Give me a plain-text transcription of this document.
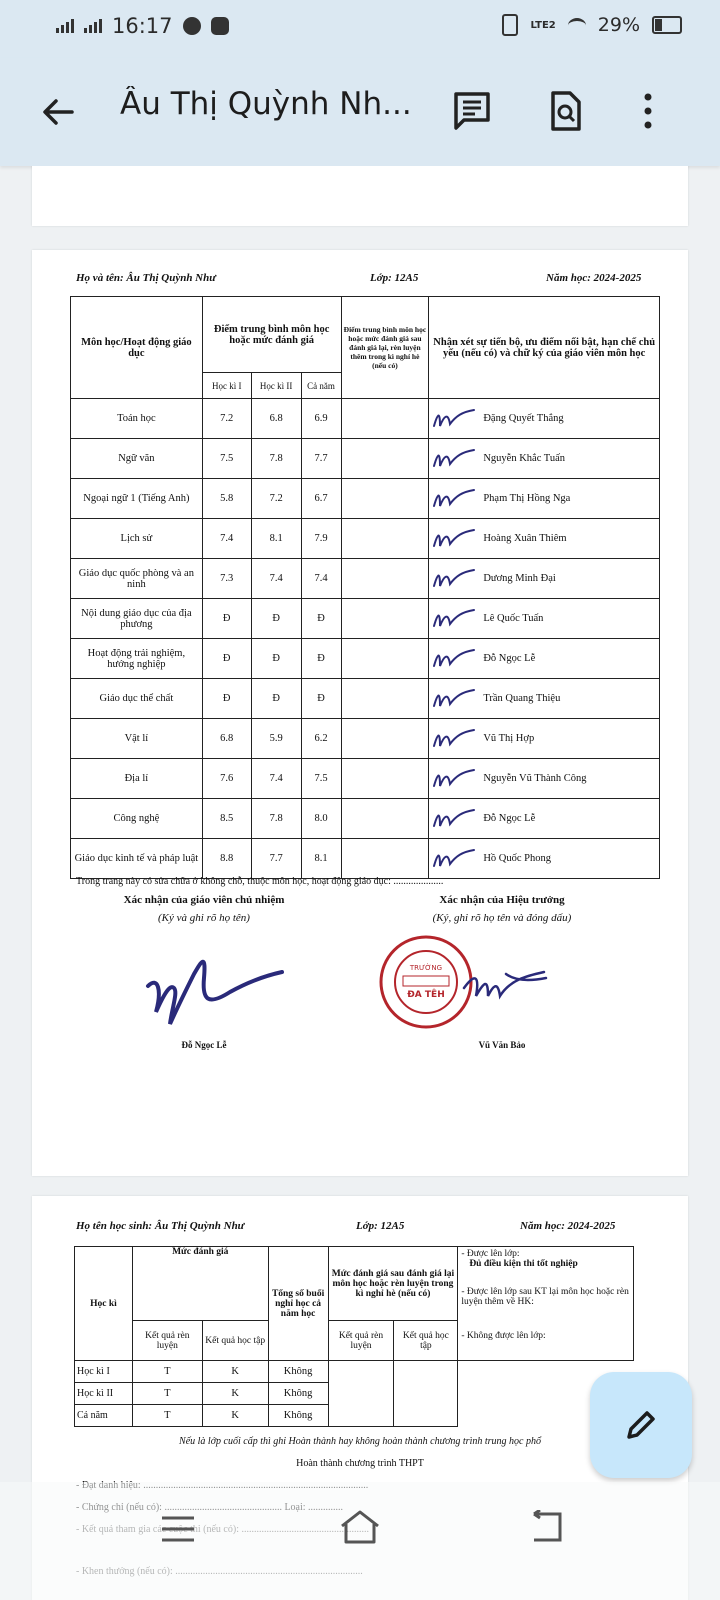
16:17	LTE2 29%
Âu Thị Quỳnh Nh...
Họ và tên: Âu Thị Quỳnh Như	Lớp: 12A5	Năm học: 2024-2025
Môn học/Hoạt động giáo dục	Điểm trung bình môn học hoặc mức đánh giá			Điểm trung bình môn học hoặc mức đánh giá sau đánh giá lại, rèn luyện thêm trong kì nghỉ hè (nếu có)	Nhận xét sự tiến bộ, ưu điểm nổi bật, hạn chế chủ yếu (nếu có) và chữ ký của giáo viên môn học
	Học kì I	Học kì II	Cả năm		
Toán học	7.2	6.8	6.9		Đặng Quyết Thắng

Ngữ văn	7.5	7.8	7.7		Nguyễn Khắc Tuấn

Ngoại ngữ 1 (Tiếng Anh)	5.8	7.2	6.7		Phạm Thị Hồng Nga

Lịch sử	7.4	8.1	7.9		Hoàng Xuân Thiêm

Giáo dục quốc phòng và an ninh	7.3	7.4	7.4		Dương Minh Đại

Nội dung giáo dục của địa phương	Đ	Đ	Đ		Lê Quốc Tuấn

Hoạt động trải nghiệm, hướng nghiệp	Đ	Đ	Đ		Đỗ Ngọc Lễ

Giáo dục thể chất	Đ	Đ	Đ		Trần Quang Thiệu

Vật lí	6.8	5.9	6.2		Vũ Thị Hợp

Địa lí	7.6	7.4	7.5		Nguyễn Vũ Thành Công

Công nghệ	8.5	7.8	8.0		Đỗ Ngọc Lễ

Giáo dục kinh tế và pháp luật	8.8	7.7	8.1		Hồ Quốc Phong
Trong trang này có sửa chữa ở không chỗ, thuộc môn học, hoạt động giáo dục: ....................
Xác nhận của giáo viên chủ nhiệm
(Ký và ghi rõ họ tên)
Xác nhận của Hiệu trưởng
(Ký, ghi rõ họ tên và đóng dấu)
Đỗ Ngọc Lễ
TRƯỜNG
ĐA TÊH
Vũ Văn Bảo
Họ tên học sinh: Âu Thị Quỳnh Như	Lớp: 12A5	Năm học: 2024-2025
Học kì	Mức đánh giá		Tổng số buổi nghỉ học cả năm học	Mức đánh giá sau đánh giá lại môn học hoặc rèn luyện trong kì nghỉ hè (nếu có)		- Được lên lớp:
Đủ điều kiện thi tốt nghiệp
- Được lên lớp sau KT lại môn học hoặc rèn luyện thêm về HK:
- Không được lên lớp:

	Kết quả rèn luyện	Kết quả học tập		Kết quả rèn luyện	Kết quả học tập	
Học kì I	T	K	Không			
Học kì II	T	K	Không			
Cả năm	T	K	Không			
Nếu là lớp cuối cấp thì ghi Hoàn thành hay không hoàn thành chương trình trung học phổ
Hoàn thành chương trình THPT
